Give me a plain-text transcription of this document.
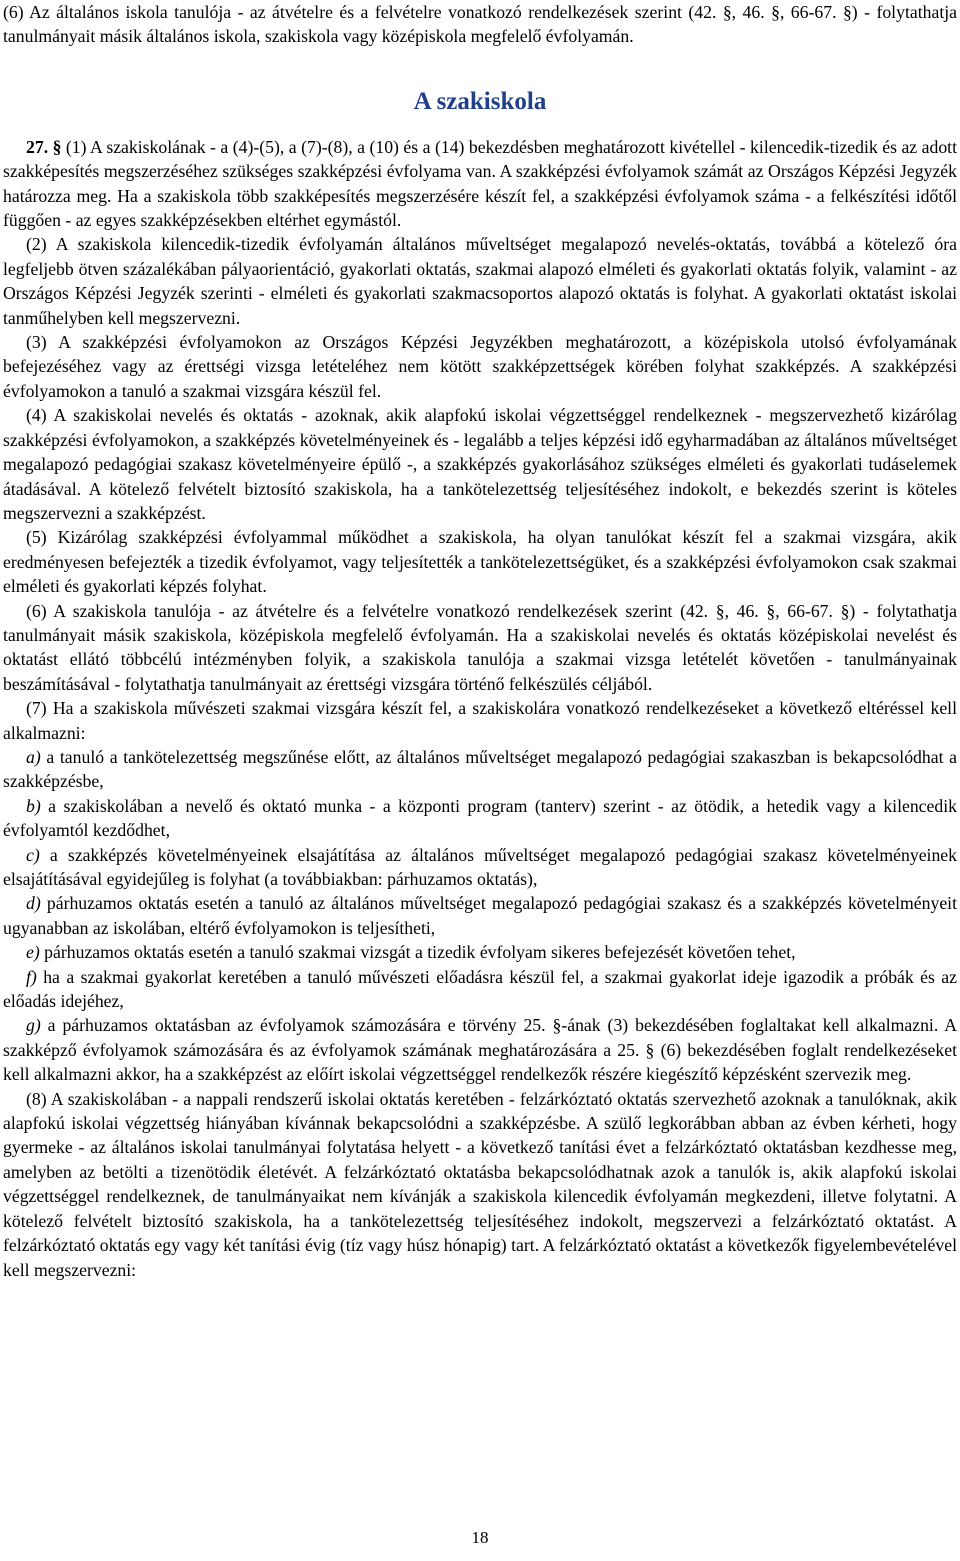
(6) Az általános iskola tanulója - az átvételre és a felvételre vonatkozó rendelkezések szerint (42. §, 46. §, 66-67. §) - folytathatja tanulmányait másik általános iskola, szakiskola vagy középiskola megfelelő évfolyamán.

A szakiskola

27. § (1) A szakiskolának - a (4)-(5), a (7)-(8), a (10) és a (14) bekezdésben meghatározott kivétellel - kilencedik-tizedik és az adott szakképesítés megszerzéséhez szükséges szakképzési évfolyama van. A szakképzési évfolyamok számát az Országos Képzési Jegyzék határozza meg. Ha a szakiskola több szakképesítés megszerzésére készít fel, a szakképzési évfolyamok száma - a felkészítési időtől függően - az egyes szakképzésekben eltérhet egymástól.

(2) A szakiskola kilencedik-tizedik évfolyamán általános műveltséget megalapozó nevelés-oktatás, továbbá a kötelező óra legfeljebb ötven százalékában pályaorientáció, gyakorlati oktatás, szakmai alapozó elméleti és gyakorlati oktatás folyik, valamint - az Országos Képzési Jegyzék szerinti - elméleti és gyakorlati szakmacsoportos alapozó oktatás is folyhat. A gyakorlati oktatást iskolai tanműhelyben kell megszervezni.

(3) A szakképzési évfolyamokon az Országos Képzési Jegyzékben meghatározott, a középiskola utolsó évfolyamának befejezéséhez vagy az érettségi vizsga letételéhez nem kötött szakképzettségek körében folyhat szakképzés. A szakképzési évfolyamokon a tanuló a szakmai vizsgára készül fel.

(4) A szakiskolai nevelés és oktatás - azoknak, akik alapfokú iskolai végzettséggel rendelkeznek - megszervezhető kizárólag szakképzési évfolyamokon, a szakképzés követelményeinek és - legalább a teljes képzési idő egyharmadában az általános műveltséget megalapozó pedagógiai szakasz követelményeire épülő -, a szakképzés gyakorlásához szükséges elméleti és gyakorlati tudáselemek átadásával. A kötelező felvételt biztosító szakiskola, ha a tankötelezettség teljesítéséhez indokolt, e bekezdés szerint is köteles megszervezni a szakképzést.

(5) Kizárólag szakképzési évfolyammal működhet a szakiskola, ha olyan tanulókat készít fel a szakmai vizsgára, akik eredményesen befejezték a tizedik évfolyamot, vagy teljesítették a tankötelezettségüket, és a szakképzési évfolyamokon csak szakmai elméleti és gyakorlati képzés folyhat.

(6) A szakiskola tanulója - az átvételre és a felvételre vonatkozó rendelkezések szerint (42. §, 46. §, 66-67. §) - folytathatja tanulmányait másik szakiskola, középiskola megfelelő évfolyamán. Ha a szakiskolai nevelés és oktatás középiskolai nevelést és oktatást ellátó többcélú intézményben folyik, a szakiskola tanulója a szakmai vizsga letételét követően - tanulmányainak beszámításával - folytathatja tanulmányait az érettségi vizsgára történő felkészülés céljából.

(7) Ha a szakiskola művészeti szakmai vizsgára készít fel, a szakiskolára vonatkozó rendelkezéseket a következő eltéréssel kell alkalmazni:

a) a tanuló a tankötelezettség megszűnése előtt, az általános műveltséget megalapozó pedagógiai szakaszban is bekapcsolódhat a szakképzésbe,

b) a szakiskolában a nevelő és oktató munka - a központi program (tanterv) szerint - az ötödik, a hetedik vagy a kilencedik évfolyamtól kezdődhet,

c) a szakképzés követelményeinek elsajátítása az általános műveltséget megalapozó pedagógiai szakasz követelményeinek elsajátításával egyidejűleg is folyhat (a továbbiakban: párhuzamos oktatás),

d) párhuzamos oktatás esetén a tanuló az általános műveltséget megalapozó pedagógiai szakasz és a szakképzés követelményeit ugyanabban az iskolában, eltérő évfolyamokon is teljesítheti,

e) párhuzamos oktatás esetén a tanuló szakmai vizsgát a tizedik évfolyam sikeres befejezését követően tehet,

f) ha a szakmai gyakorlat keretében a tanuló művészeti előadásra készül fel, a szakmai gyakorlat ideje igazodik a próbák és az előadás idejéhez,

g) a párhuzamos oktatásban az évfolyamok számozására e törvény 25. §-ának (3) bekezdésében foglaltakat kell alkalmazni. A szakképző évfolyamok számozására és az évfolyamok számának meghatározására a 25. § (6) bekezdésében foglalt rendelkezéseket kell alkalmazni akkor, ha a szakképzést az előírt iskolai végzettséggel rendelkezők részére kiegészítő képzésként szervezik meg.

(8) A szakiskolában - a nappali rendszerű iskolai oktatás keretében - felzárkóztató oktatás szervezhető azoknak a tanulóknak, akik alapfokú iskolai végzettség hiányában kívánnak bekapcsolódni a szakképzésbe. A szülő legkorábban abban az évben kérheti, hogy gyermeke - az általános iskolai tanulmányai folytatása helyett - a következő tanítási évet a felzárkóztató oktatásban kezdhesse meg, amelyben az betölti a tizenötödik életévét. A felzárkóztató oktatásba bekapcsolódhatnak azok a tanulók is, akik alapfokú iskolai végzettséggel rendelkeznek, de tanulmányaikat nem kívánják a szakiskola kilencedik évfolyamán megkezdeni, illetve folytatni. A kötelező felvételt biztosító szakiskola, ha a tankötelezettség teljesítéséhez indokolt, megszervezi a felzárkóztató oktatást. A felzárkóztató oktatás egy vagy két tanítási évig (tíz vagy húsz hónapig) tart. A felzárkóztató oktatást a következők figyelembevételével kell megszervezni:

18
